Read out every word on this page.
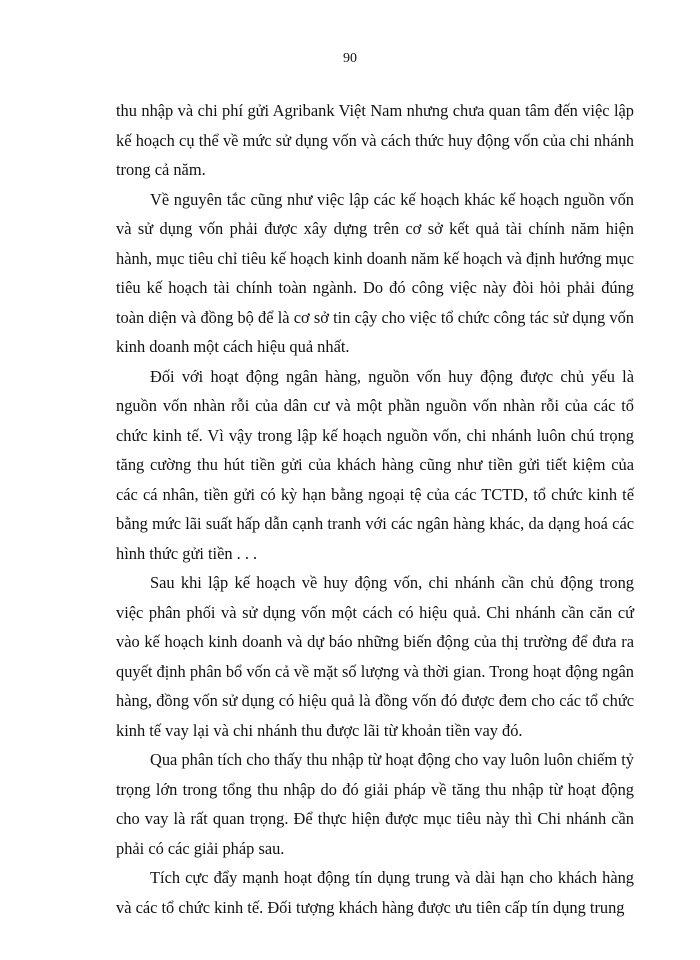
90

thu nhập và chi phí gửi Agribank Việt Nam nhưng chưa quan tâm đến việc lập kế hoạch cụ thể về mức sử dụng vốn và cách thức huy động vốn của chi nhánh trong cả năm.

Về nguyên tắc cũng như việc lập các kế hoạch khác kế hoạch nguồn vốn và sử dụng vốn phải được xây dựng trên cơ sở kết quả tài chính năm hiện hành, mục tiêu chỉ tiêu kế hoạch kinh doanh năm kế hoạch và định hướng mục tiêu kế hoạch tài chính toàn ngành. Do đó công việc này đòi hỏi phải đúng toàn diện và đồng bộ để là cơ sở tin cậy cho việc tổ chức công tác sử dụng vốn kinh doanh một cách hiệu quả nhất.

Đối với hoạt động ngân hàng, nguồn vốn huy động được chủ yếu là nguồn vốn nhàn rỗi của dân cư và một phần nguồn vốn nhàn rỗi của các tổ chức kinh tế. Vì vậy trong lập kế hoạch nguồn vốn, chi nhánh luôn chú trọng tăng cường thu hút tiền gửi của khách hàng cũng như tiền gửi tiết kiệm của các cá nhân, tiền gửi có kỳ hạn bằng ngoại tệ của các TCTD, tổ chức kinh tế bằng mức lãi suất hấp dẫn cạnh tranh với các ngân hàng khác, da dạng hoá các hình thức gửi tiền . . .

Sau khi lập kế hoạch về huy động vốn, chi nhánh cần chủ động trong việc phân phối và sử dụng vốn một cách có hiệu quả. Chi nhánh cần căn cứ vào kế hoạch kinh doanh và dự báo những biến động của thị trường để đưa ra quyết định phân bổ vốn cả về mặt số lượng và thời gian. Trong hoạt động ngân hàng, đồng vốn sử dụng có hiệu quả là đồng vốn đó được đem cho các tổ chức kinh tế vay lại và chi nhánh thu được lãi từ khoản tiền vay đó.

Qua phân tích cho thấy thu nhập từ hoạt động cho vay luôn luôn chiếm tỷ trọng lớn trong tổng thu nhập do đó giải pháp về tăng thu nhập từ hoạt động cho vay là rất quan trọng. Để thực hiện được mục tiêu này thì Chi nhánh cần phải có các giải pháp sau.

Tích cực đẩy mạnh hoạt động tín dụng trung và dài hạn cho khách hàng và các tổ chức kinh tế. Đối tượng khách hàng được ưu tiên cấp tín dụng trung
